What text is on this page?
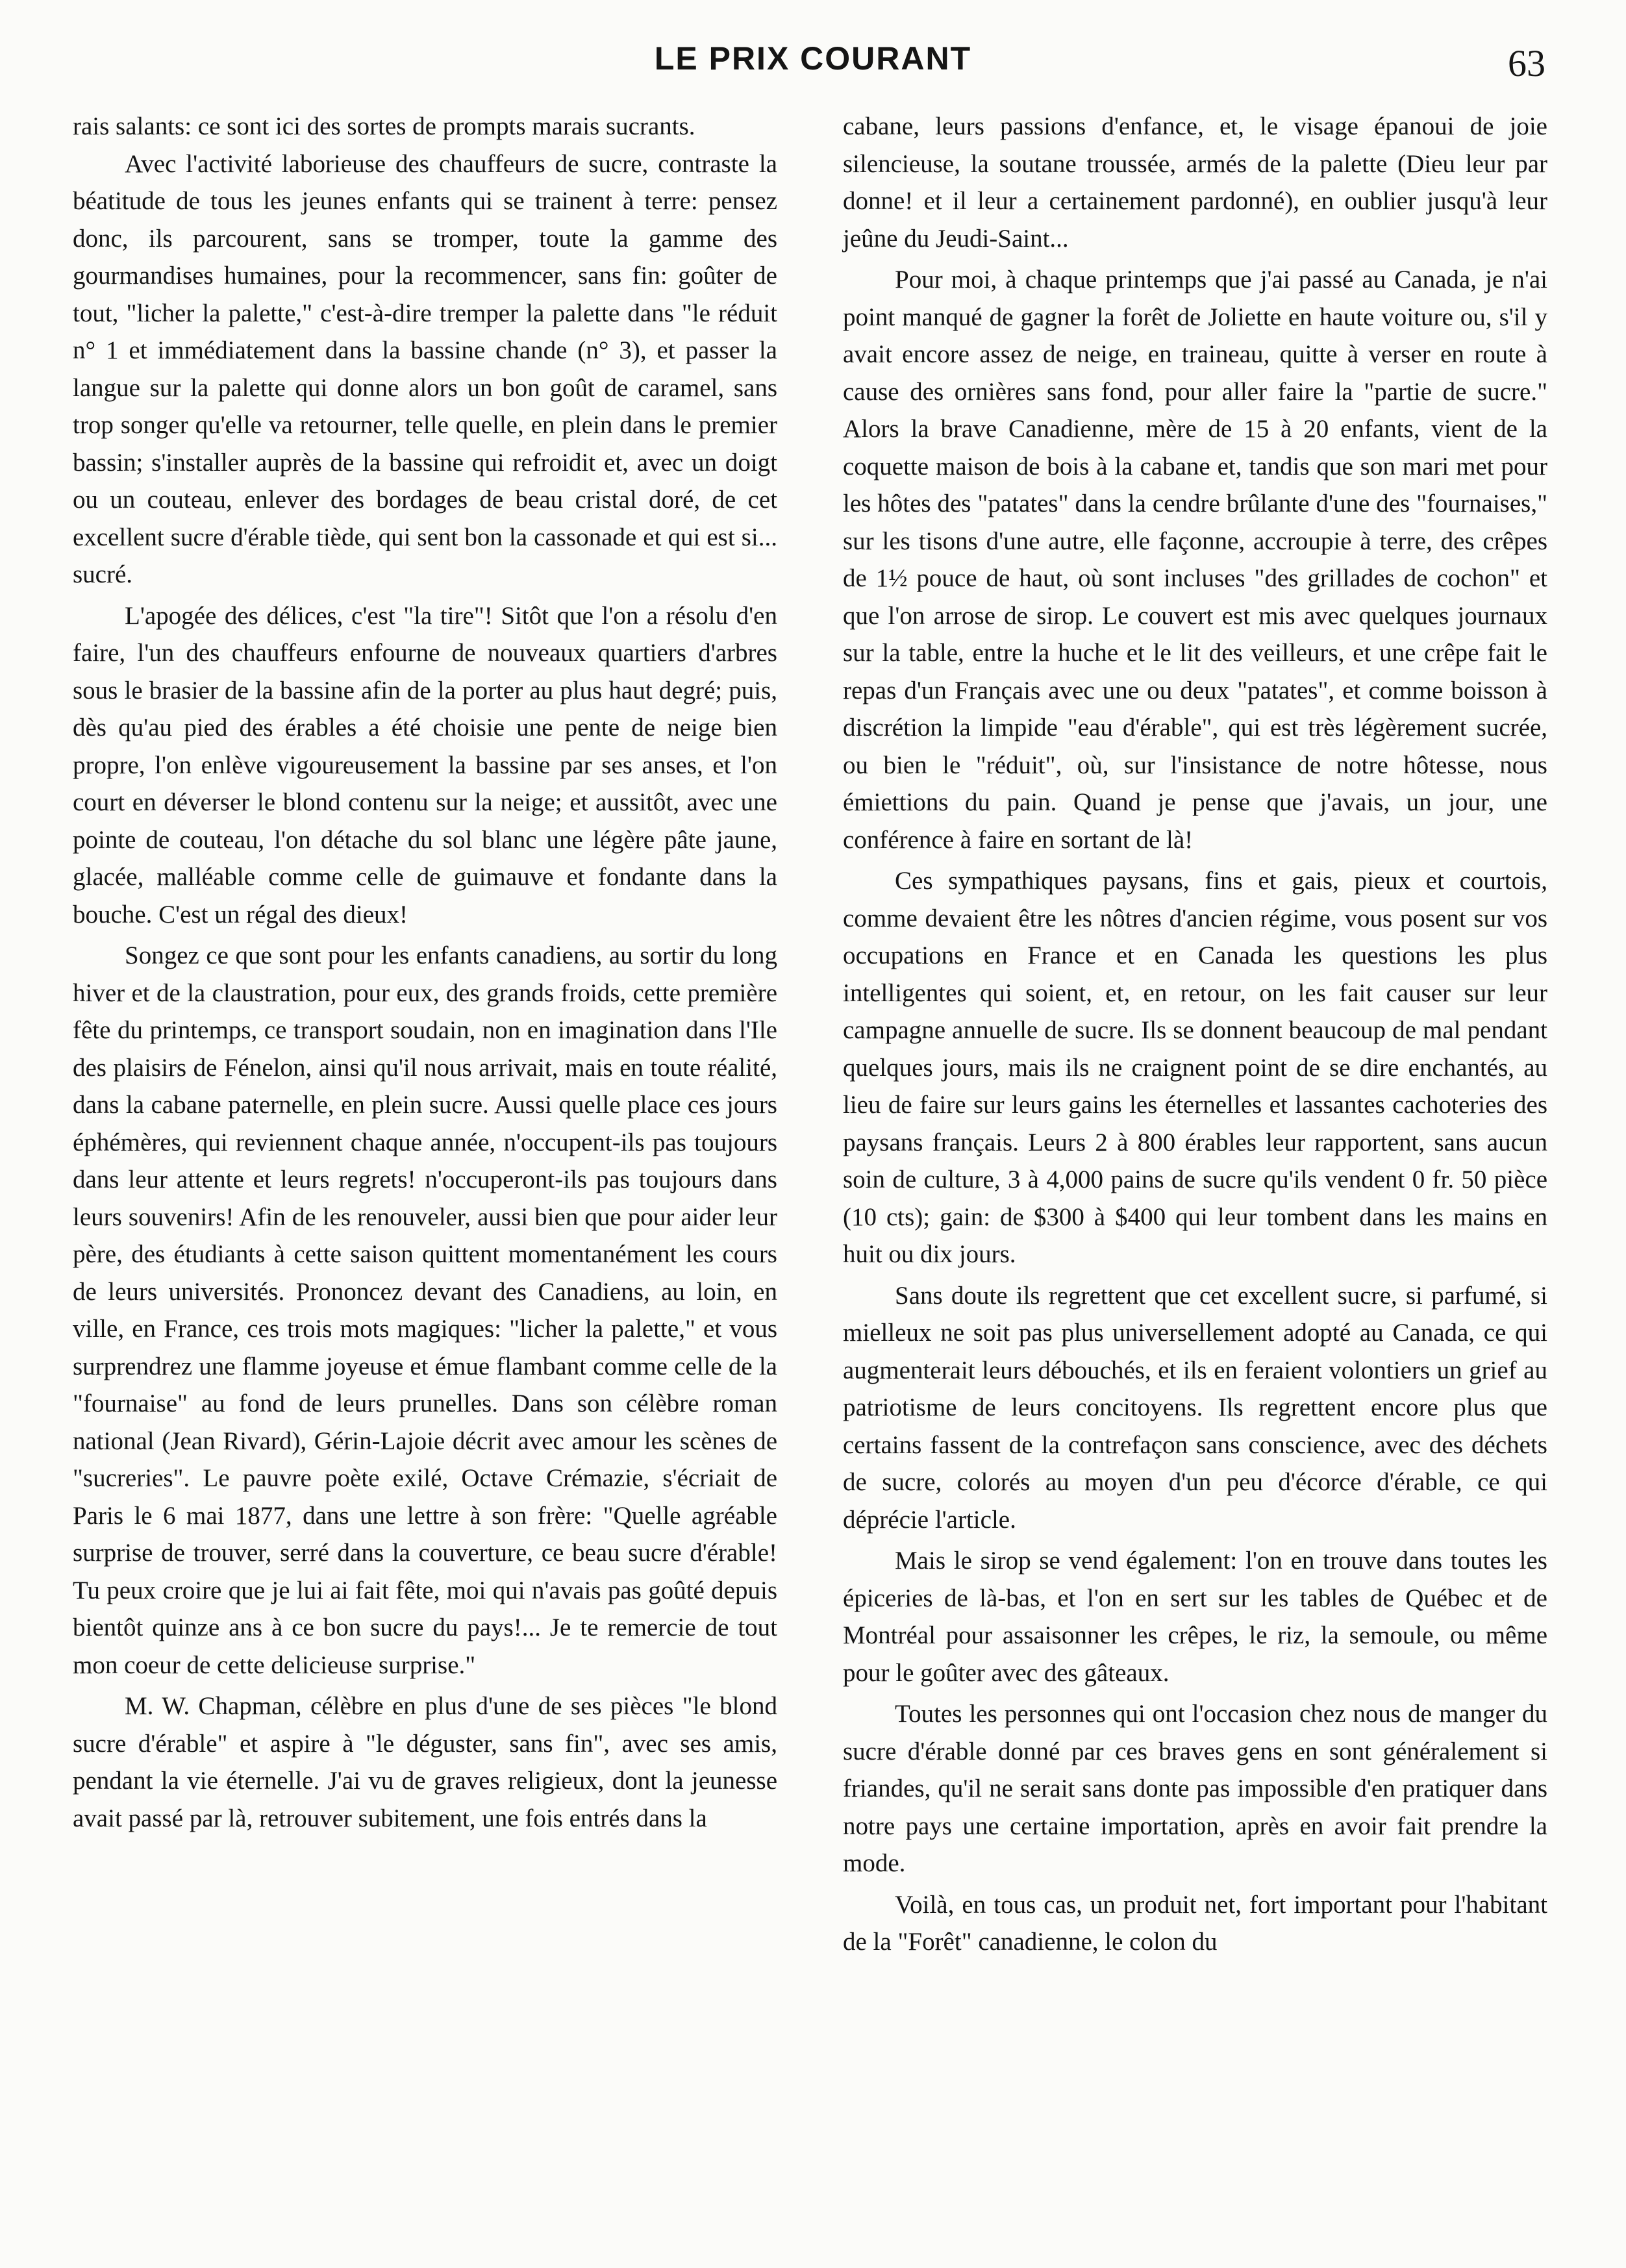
LE PRIX COURANT	63

rais salants: ce sont ici des sortes de prompts marais sucrants.

Avec l'activité laborieuse des chauffeurs de sucre, contraste la béatitude de tous les jeunes enfants qui se trainent à terre: pensez donc, ils parcourent, sans se tromper, toute la gamme des gourmandises humaines, pour la recommencer, sans fin: goûter de tout, "licher la palette," c'est-à-dire tremper la palette dans "le réduit n° 1 et immédiatement dans la bassine chande (n° 3), et passer la langue sur la palette qui donne alors un bon goût de caramel, sans trop songer qu'elle va retourner, telle quelle, en plein dans le premier bassin; s'installer auprès de la bassine qui refroidit et, avec un doigt ou un couteau, enlever des bordages de beau cristal doré, de cet excellent sucre d'érable tiède, qui sent bon la cassonade et qui est si... sucré.

L'apogée des délices, c'est "la tire"! Sitôt que l'on a résolu d'en faire, l'un des chauffeurs enfourne de nouveaux quartiers d'arbres sous le brasier de la bassine afin de la porter au plus haut degré; puis, dès qu'au pied des érables a été choisie une pente de neige bien propre, l'on enlève vigoureusement la bassine par ses anses, et l'on court en déverser le blond contenu sur la neige; et aussitôt, avec une pointe de couteau, l'on détache du sol blanc une légère pâte jaune, glacée, malléable comme celle de guimauve et fondante dans la bouche. C'est un régal des dieux!

Songez ce que sont pour les enfants canadiens, au sortir du long hiver et de la claustration, pour eux, des grands froids, cette première fête du printemps, ce transport soudain, non en imagination dans l'Ile des plaisirs de Fénelon, ainsi qu'il nous arrivait, mais en toute réalité, dans la cabane paternelle, en plein sucre. Aussi quelle place ces jours éphémères, qui reviennent chaque année, n'occupent-ils pas toujours dans leur attente et leurs regrets! n'occuperont-ils pas toujours dans leurs souvenirs! Afin de les renouveler, aussi bien que pour aider leur père, des étudiants à cette saison quittent momentanément les cours de leurs universités. Prononcez devant des Canadiens, au loin, en ville, en France, ces trois mots magiques: "licher la palette," et vous surprendrez une flamme joyeuse et émue flambant comme celle de la "fournaise" au fond de leurs prunelles. Dans son célèbre roman national (Jean Rivard), Gérin-Lajoie décrit avec amour les scènes de "sucreries". Le pauvre poète exilé, Octave Crémazie, s'écriait de Paris le 6 mai 1877, dans une lettre à son frère: "Quelle agréable surprise de trouver, serré dans la couverture, ce beau sucre d'érable! Tu peux croire que je lui ai fait fête, moi qui n'avais pas goûté depuis bientôt quinze ans à ce bon sucre du pays!... Je te remercie de tout mon coeur de cette delicieuse surprise."

M. W. Chapman, célèbre en plus d'une de ses pièces "le blond sucre d'érable" et aspire à "le déguster, sans fin", avec ses amis, pendant la vie éternelle. J'ai vu de graves religieux, dont la jeunesse avait passé par là, retrouver subitement, une fois entrés dans la

cabane, leurs passions d'enfance, et, le visage épanoui de joie silencieuse, la soutane troussée, armés de la palette (Dieu leur par donne! et il leur a certainement pardonné), en oublier jusqu'à leur jeûne du Jeudi-Saint...

Pour moi, à chaque printemps que j'ai passé au Canada, je n'ai point manqué de gagner la forêt de Joliette en haute voiture ou, s'il y avait encore assez de neige, en traineau, quitte à verser en route à cause des ornières sans fond, pour aller faire la "partie de sucre." Alors la brave Canadienne, mère de 15 à 20 enfants, vient de la coquette maison de bois à la cabane et, tandis que son mari met pour les hôtes des "patates" dans la cendre brûlante d'une des "fournaises," sur les tisons d'une autre, elle façonne, accroupie à terre, des crêpes de 1½ pouce de haut, où sont incluses "des grillades de cochon" et que l'on arrose de sirop. Le couvert est mis avec quelques journaux sur la table, entre la huche et le lit des veilleurs, et une crêpe fait le repas d'un Français avec une ou deux "patates", et comme boisson à discrétion la limpide "eau d'érable", qui est très légèrement sucrée, ou bien le "réduit", où, sur l'insistance de notre hôtesse, nous émiettions du pain. Quand je pense que j'avais, un jour, une conférence à faire en sortant de là!

Ces sympathiques paysans, fins et gais, pieux et courtois, comme devaient être les nôtres d'ancien régime, vous posent sur vos occupations en France et en Canada les questions les plus intelligentes qui soient, et, en retour, on les fait causer sur leur campagne annuelle de sucre. Ils se donnent beaucoup de mal pendant quelques jours, mais ils ne craignent point de se dire enchantés, au lieu de faire sur leurs gains les éternelles et lassantes cachoteries des paysans français. Leurs 2 à 800 érables leur rapportent, sans aucun soin de culture, 3 à 4,000 pains de sucre qu'ils vendent 0 fr. 50 pièce (10 cts); gain: de $300 à $400 qui leur tombent dans les mains en huit ou dix jours.

Sans doute ils regrettent que cet excellent sucre, si parfumé, si mielleux ne soit pas plus universellement adopté au Canada, ce qui augmenterait leurs débouchés, et ils en feraient volontiers un grief au patriotisme de leurs concitoyens. Ils regrettent encore plus que certains fassent de la contrefaçon sans conscience, avec des déchets de sucre, colorés au moyen d'un peu d'écorce d'érable, ce qui déprécie l'article.

Mais le sirop se vend également: l'on en trouve dans toutes les épiceries de là-bas, et l'on en sert sur les tables de Québec et de Montréal pour assaisonner les crêpes, le riz, la semoule, ou même pour le goûter avec des gâteaux.

Toutes les personnes qui ont l'occasion chez nous de manger du sucre d'érable donné par ces braves gens en sont généralement si friandes, qu'il ne serait sans donte pas impossible d'en pratiquer dans notre pays une certaine importation, après en avoir fait prendre la mode.

Voilà, en tous cas, un produit net, fort important pour l'habitant de la "Forêt" canadienne, le colon du
